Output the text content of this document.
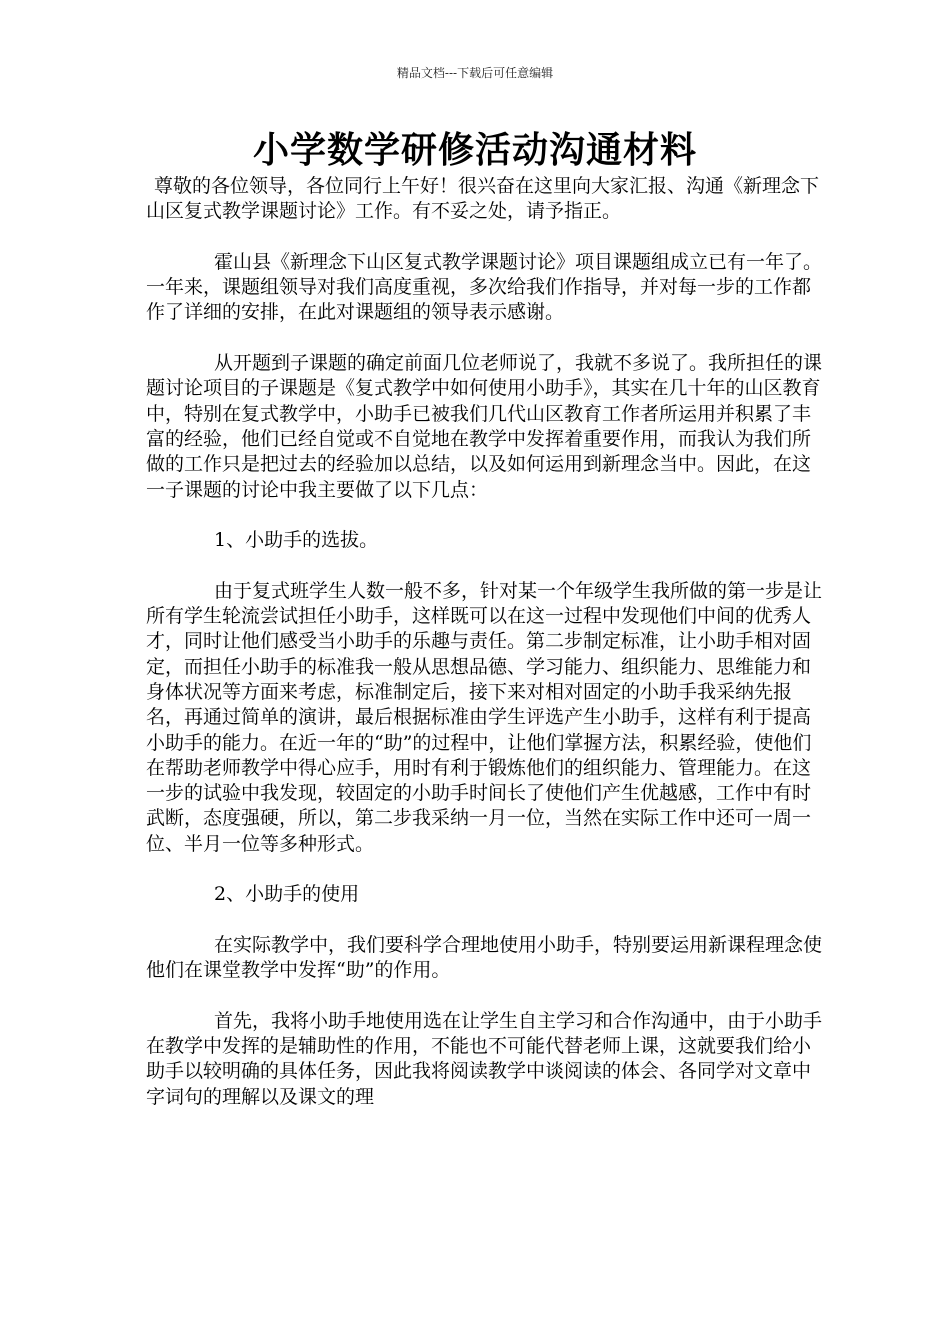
精品文档---下载后可任意编辑
小学数学研修活动沟通材料

尊敬的各位领导，各位同行上午好！很兴奋在这里向大家汇报、沟通《新理念下山区复式教学课题讨论》工作。有不妥之处，请予指正。

霍山县《新理念下山区复式教学课题讨论》项目课题组成立已有一年了。一年来，课题组领导对我们高度重视，多次给我们作指导，并对每一步的工作都作了详细的安排，在此对课题组的领导表示感谢。

从开题到子课题的确定前面几位老师说了，我就不多说了。我所担任的课题讨论项目的子课题是《复式教学中如何使用小助手》，其实在几十年的山区教育中，特别在复式教学中，小助手已被我们几代山区教育工作者所运用并积累了丰富的经验，他们已经自觉或不自觉地在教学中发挥着重要作用，而我认为我们所做的工作只是把过去的经验加以总结，以及如何运用到新理念当中。因此，在这一子课题的讨论中我主要做了以下几点：

1、小助手的选拔。

由于复式班学生人数一般不多，针对某一个年级学生我所做的第一步是让所有学生轮流尝试担任小助手，这样既可以在这一过程中发现他们中间的优秀人才，同时让他们感受当小助手的乐趣与责任。第二步制定标准，让小助手相对固定，而担任小助手的标准我一般从思想品德、学习能力、组织能力、思维能力和身体状况等方面来考虑，标准制定后，接下来对相对固定的小助手我采纳先报名，再通过简单的演讲，最后根据标准由学生评选产生小助手，这样有利于提高小助手的能力。在近一年的“助”的过程中，让他们掌握方法，积累经验，使他们在帮助老师教学中得心应手，用时有利于锻炼他们的组织能力、管理能力。在这一步的试验中我发现，较固定的小助手时间长了使他们产生优越感，工作中有时武断，态度强硬，所以，第二步我采纳一月一位，当然在实际工作中还可一周一位、半月一位等多种形式。

2、小助手的使用

在实际教学中，我们要科学合理地使用小助手，特别要运用新课程理念使他们在课堂教学中发挥“助”的作用。

首先，我将小助手地使用选在让学生自主学习和合作沟通中，由于小助手在教学中发挥的是辅助性的作用，不能也不可能代替老师上课，这就要我们给小助手以较明确的具体任务，因此我将阅读教学中谈阅读的体会、各同学对文章中字词句的理解以及课文的理
